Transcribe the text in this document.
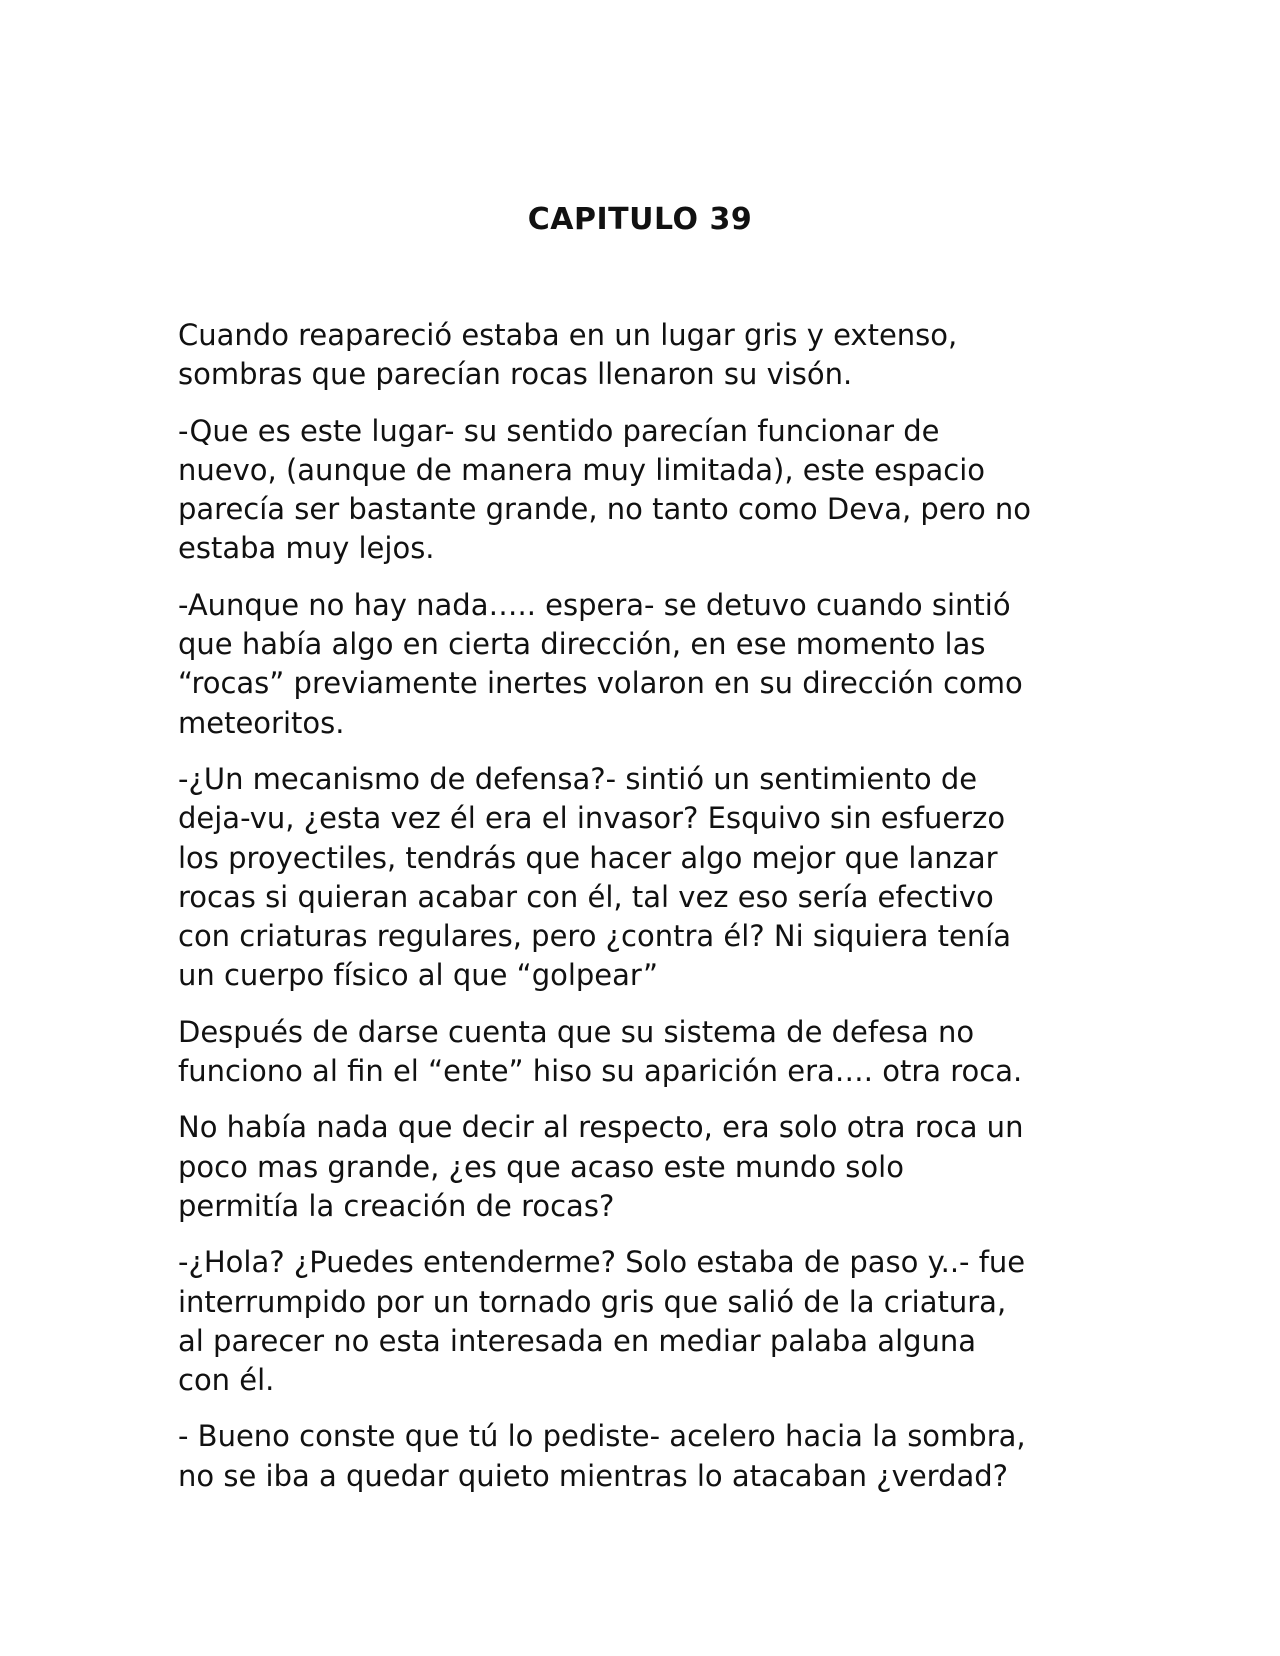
CAPITULO 39

Cuando reapareció estaba en un lugar gris y extenso,
sombras que parecían rocas llenaron su visón.

-Que es este lugar- su sentido parecían funcionar de
nuevo, (aunque de manera muy limitada), este espacio
parecía ser bastante grande, no tanto como Deva, pero no
estaba muy lejos.

-Aunque no hay nada….. espera- se detuvo cuando sintió
que había algo en cierta dirección, en ese momento las
“rocas” previamente inertes volaron en su dirección como
meteoritos.

-¿Un mecanismo de defensa?- sintió un sentimiento de
deja-vu, ¿esta vez él era el invasor? Esquivo sin esfuerzo
los proyectiles, tendrás que hacer algo mejor que lanzar
rocas si quieran acabar con él, tal vez eso sería efectivo
con criaturas regulares, pero ¿contra él? Ni siquiera tenía
un cuerpo físico al que “golpear”

Después de darse cuenta que su sistema de defesa no
funciono al fin el “ente” hiso su aparición era…. otra roca.

No había nada que decir al respecto, era solo otra roca un
poco mas grande, ¿es que acaso este mundo solo
permitía la creación de rocas?

-¿Hola? ¿Puedes entenderme? Solo estaba de paso y..- fue
interrumpido por un tornado gris que salió de la criatura,
al parecer no esta interesada en mediar palaba alguna
con él.

- Bueno conste que tú lo pediste- acelero hacia la sombra,
no se iba a quedar quieto mientras lo atacaban ¿verdad?
